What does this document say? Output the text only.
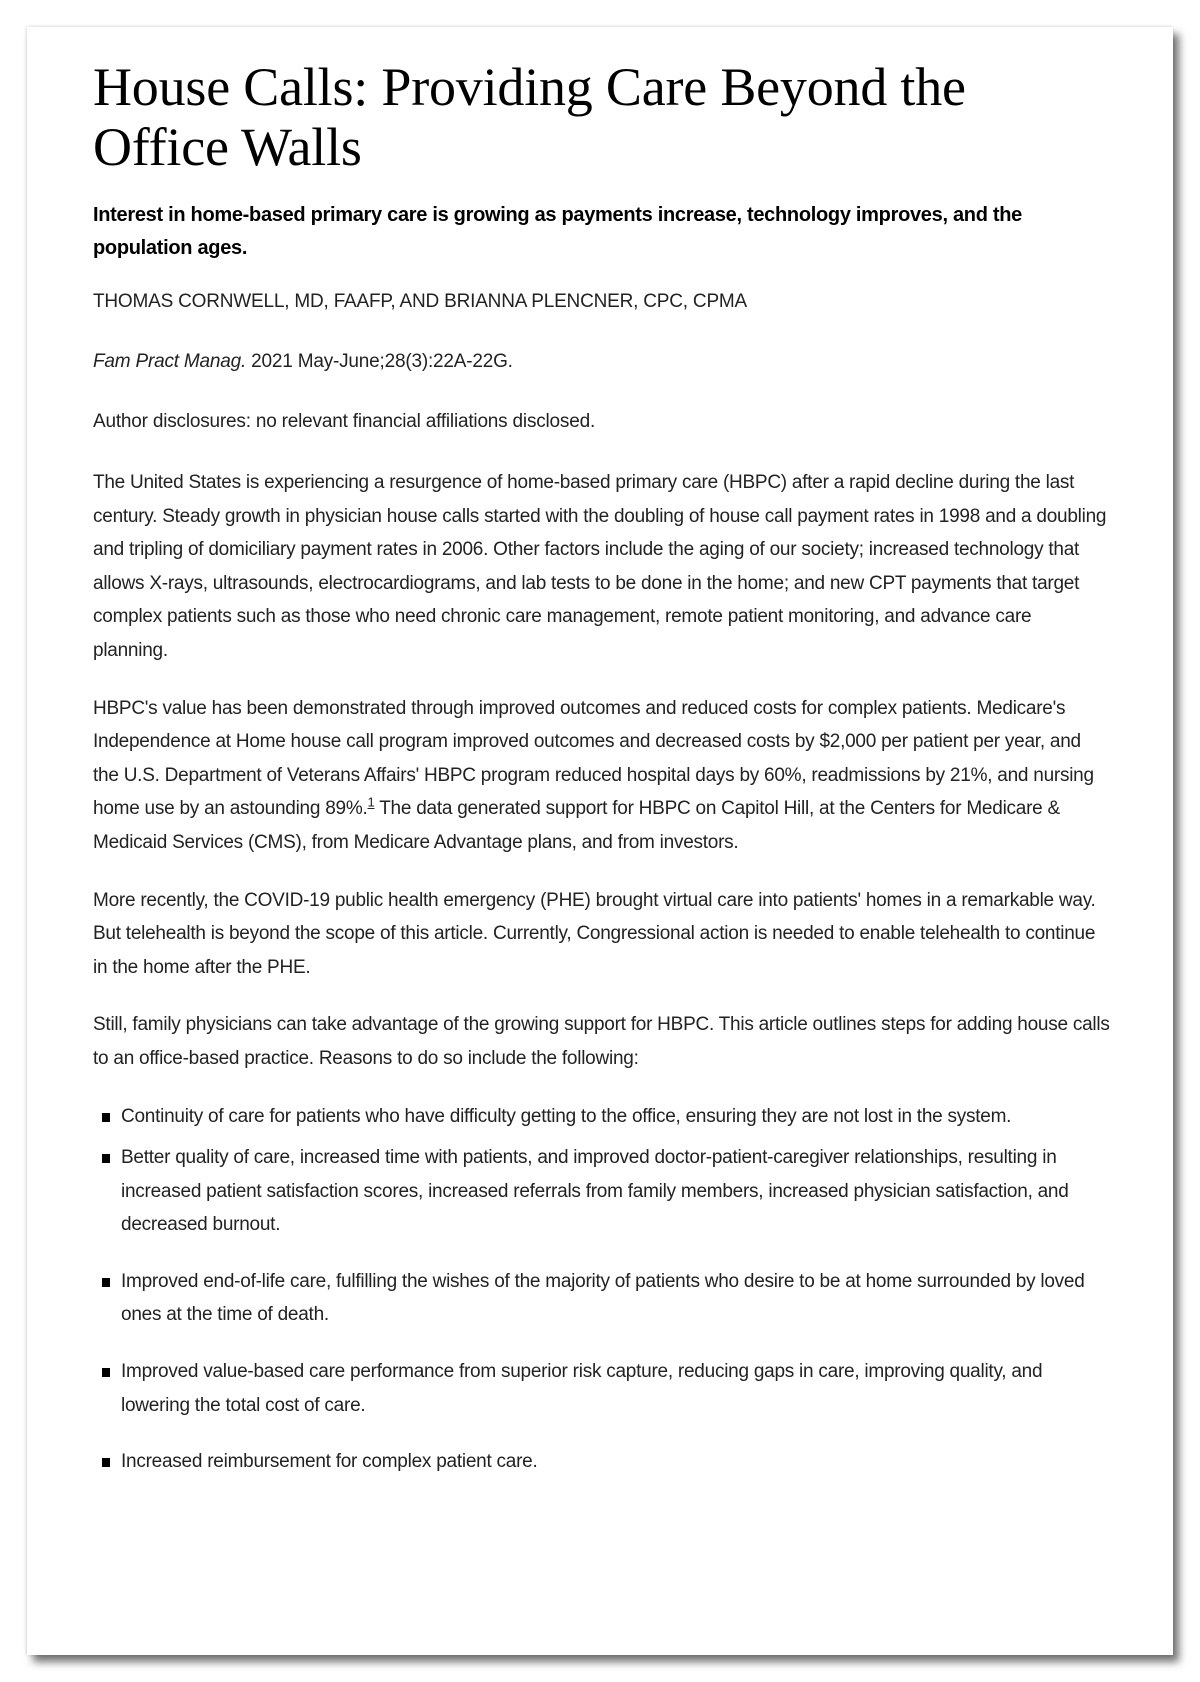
House Calls: Providing Care Beyond the Office Walls

Interest in home-based primary care is growing as payments increase, technology improves, and the population ages.

THOMAS CORNWELL, MD, FAAFP, AND BRIANNA PLENCNER, CPC, CPMA

Fam Pract Manag. 2021 May-June;28(3):22A-22G.

Author disclosures: no relevant financial affiliations disclosed.

The United States is experiencing a resurgence of home-based primary care (HBPC) after a rapid decline during the last century. Steady growth in physician house calls started with the doubling of house call payment rates in 1998 and a doubling and tripling of domiciliary payment rates in 2006. Other factors include the aging of our society; increased technology that allows X-rays, ultrasounds, electrocardiograms, and lab tests to be done in the home; and new CPT payments that target complex patients such as those who need chronic care management, remote patient monitoring, and advance care planning.

HBPC's value has been demonstrated through improved outcomes and reduced costs for complex patients. Medicare's Independence at Home house call program improved outcomes and decreased costs by $2,000 per patient per year, and the U.S. Department of Veterans Affairs' HBPC program reduced hospital days by 60%, readmissions by 21%, and nursing home use by an astounding 89%.$^1$ The data generated support for HBPC on Capitol Hill, at the Centers for Medicare & Medicaid Services (CMS), from Medicare Advantage plans, and from investors.

More recently, the COVID-19 public health emergency (PHE) brought virtual care into patients' homes in a remarkable way. But telehealth is beyond the scope of this article. Currently, Congressional action is needed to enable telehealth to continue in the home after the PHE.

Still, family physicians can take advantage of the growing support for HBPC. This article outlines steps for adding house calls to an office-based practice. Reasons to do so include the following:

Continuity of care for patients who have difficulty getting to the office, ensuring they are not lost in the system.
Better quality of care, increased time with patients, and improved doctor-patient-caregiver relationships, resulting in increased patient satisfaction scores, increased referrals from family members, increased physician satisfaction, and decreased burnout.
Improved end-of-life care, fulfilling the wishes of the majority of patients who desire to be at home surrounded by loved ones at the time of death.
Improved value-based care performance from superior risk capture, reducing gaps in care, improving quality, and lowering the total cost of care.
Increased reimbursement for complex patient care.
